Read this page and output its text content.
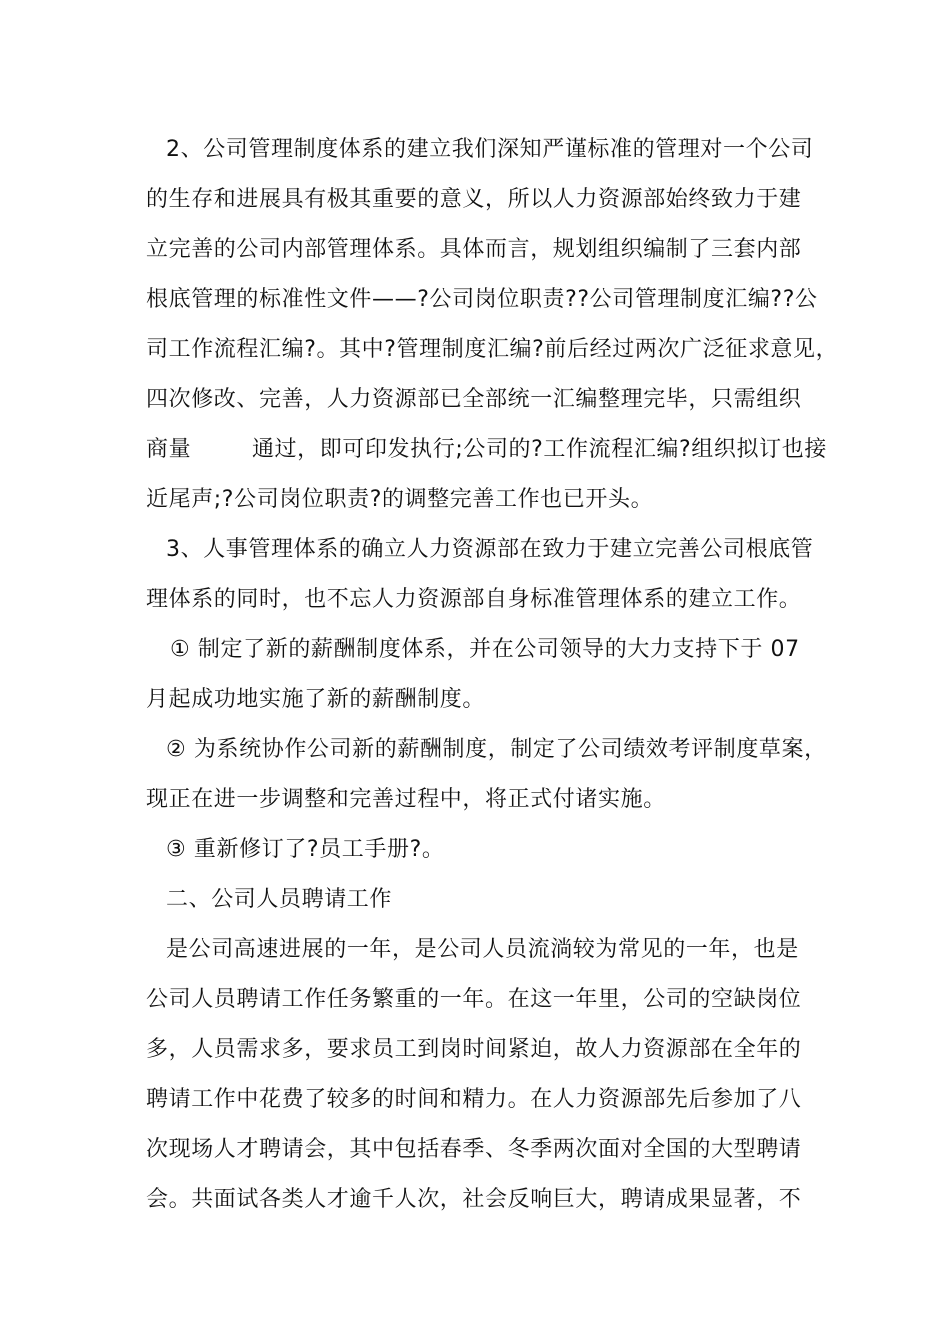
2、公司管理制度体系的建立我们深知严谨标准的管理对一个公司
的生存和进展具有极其重要的意义，所以人力资源部始终致力于建
立完善的公司内部管理体系。具体而言，规划组织编制了三套内部
根底管理的标准性文件——?公司岗位职责??公司管理制度汇编??公
司工作流程汇编?。其中?管理制度汇编?前后经过两次广泛征求意见，
四次修改、完善，人力资源部已全部统一汇编整理完毕，只需组织
商量        通过，即可印发执行;公司的?工作流程汇编?组织拟订也接
近尾声;?公司岗位职责?的调整完善工作也已开头。
3、人事管理体系的确立人力资源部在致力于建立完善公司根底管
理体系的同时，也不忘人力资源部自身标准管理体系的建立工作。
① 制定了新的薪酬制度体系，并在公司领导的大力支持下于 07
月起成功地实施了新的薪酬制度。
② 为系统协作公司新的薪酬制度，制定了公司绩效考评制度草案，
现正在进一步调整和完善过程中，将正式付诸实施。
③ 重新修订了?员工手册?。
二、公司人员聘请工作
是公司高速进展的一年，是公司人员流淌较为常见的一年，也是
公司人员聘请工作任务繁重的一年。在这一年里，公司的空缺岗位
多，人员需求多，要求员工到岗时间紧迫，故人力资源部在全年的
聘请工作中花费了较多的时间和精力。在人力资源部先后参加了八
次现场人才聘请会，其中包括春季、冬季两次面对全国的大型聘请
会。共面试各类人才逾千人次，社会反响巨大，聘请成果显著，不
